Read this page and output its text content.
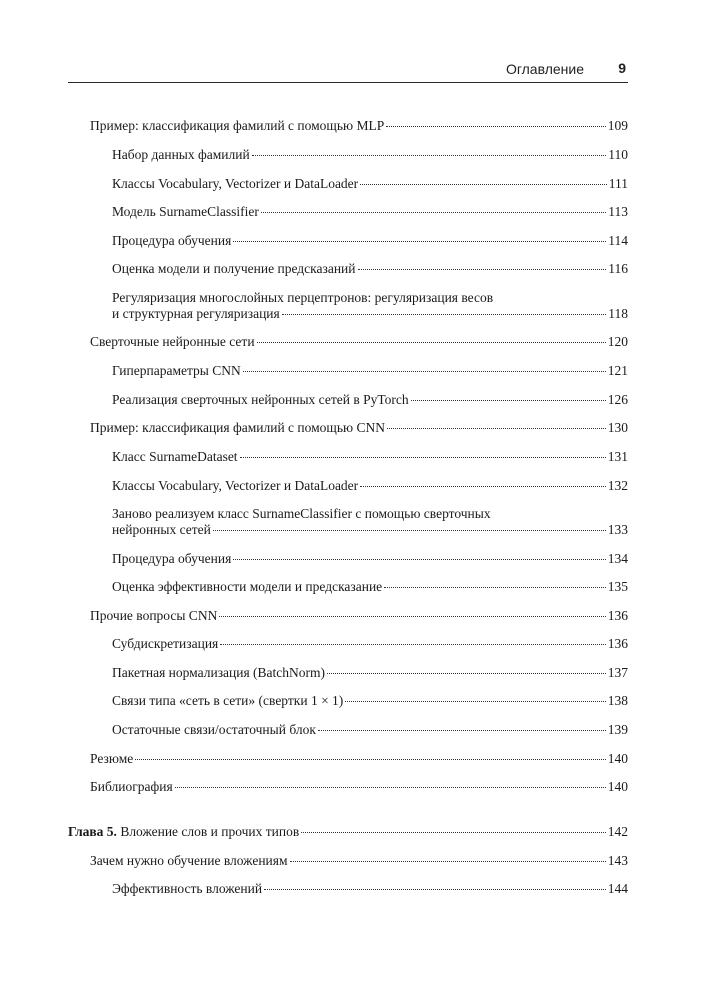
Оглавление 9
Пример: классификация фамилий с помощью MLP	109
Набор данных фамилий	110
Классы Vocabulary, Vectorizer и DataLoader	111
Модель SurnameClassifier	113
Процедура обучения	114
Оценка модели и получение предсказаний	116
Регуляризация многослойных перцептронов: регуляризация весов
и структурная регуляризация	118
Сверточные нейронные сети	120
Гиперпараметры CNN	121
Реализация сверточных нейронных сетей в PyTorch	126
Пример: классификация фамилий с помощью CNN	130
Класс SurnameDataset	131
Классы Vocabulary, Vectorizer и DataLoader	132
Заново реализуем класс SurnameClassifier с помощью сверточных
нейронных сетей	133
Процедура обучения	134
Оценка эффективности модели и предсказание	135
Прочие вопросы CNN	136
Субдискретизация	136
Пакетная нормализация (BatchNorm)	137
Связи типа «сеть в сети» (свертки 1 × 1)	138
Остаточные связи/остаточный блок	139
Резюме	140
Библиография	140
Глава 5. Вложение слов и прочих типов	142
Зачем нужно обучение вложениям	143
Эффективность вложений	144
